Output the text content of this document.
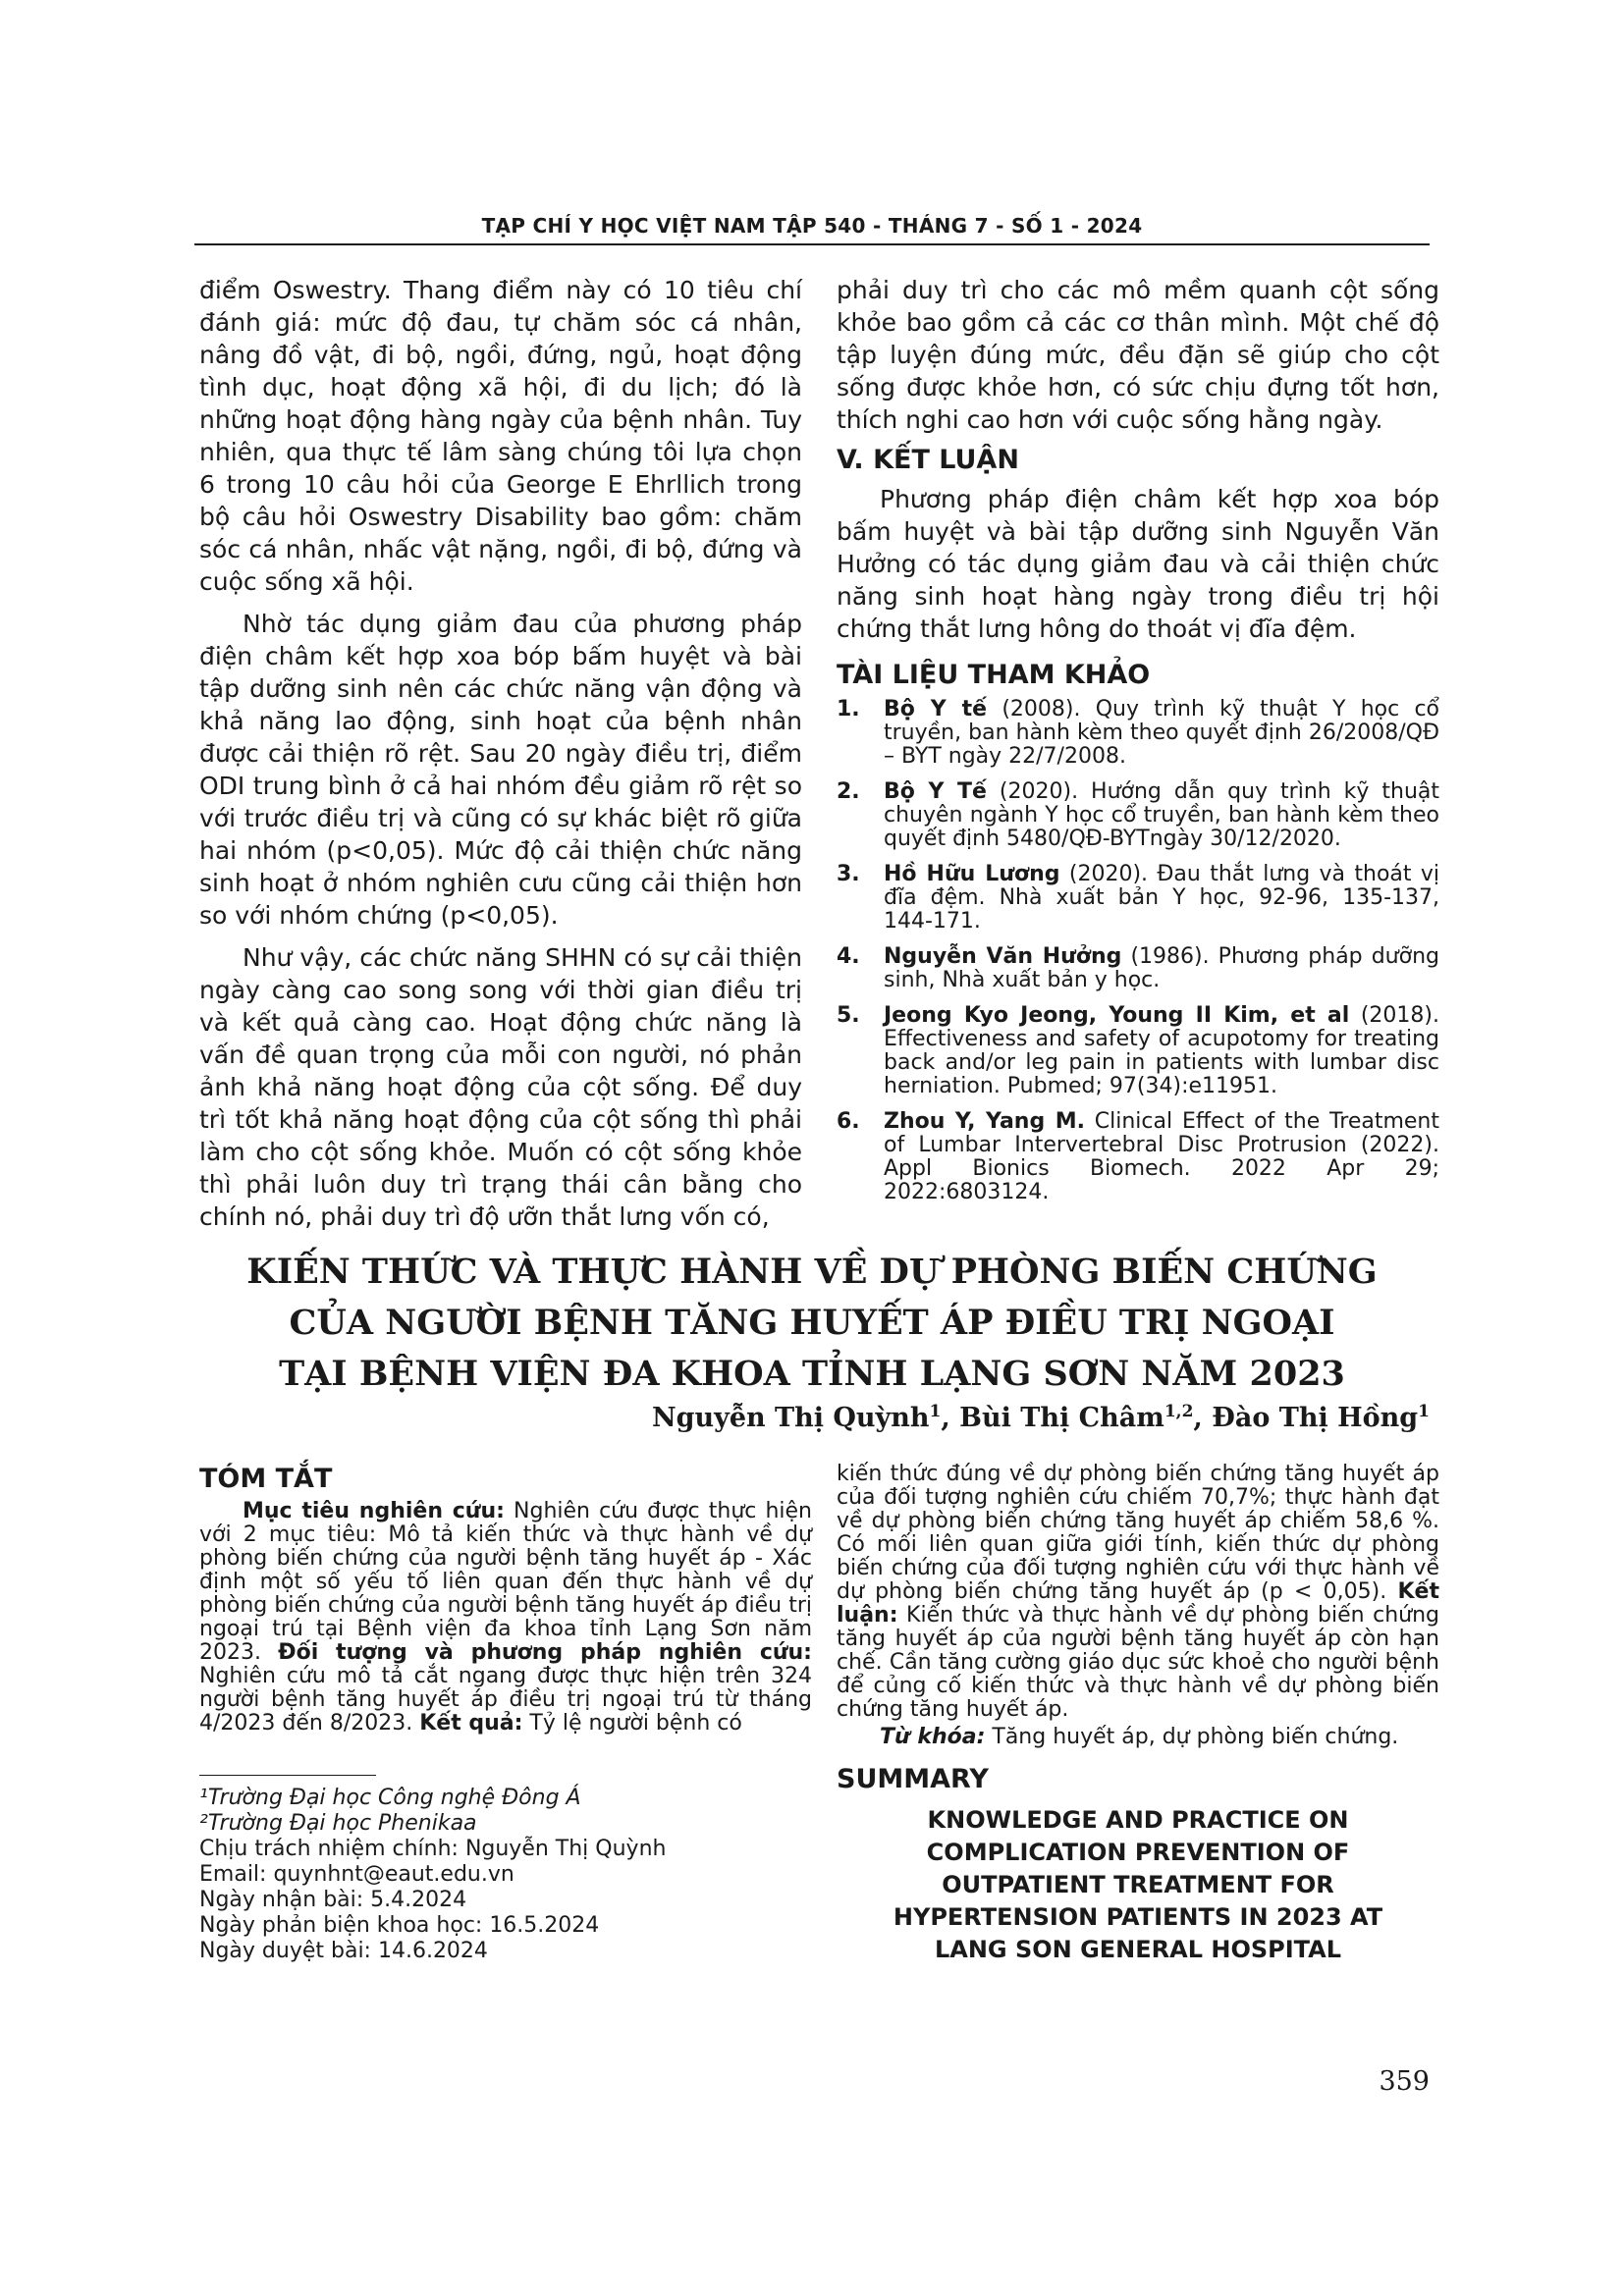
TẠP CHÍ Y HỌC VIỆT NAM TẬP 540 - THÁNG 7 - SỐ 1 - 2024

điểm Oswestry. Thang điểm này có 10 tiêu chí đánh giá: mức độ đau, tự chăm sóc cá nhân, nâng đồ vật, đi bộ, ngồi, đứng, ngủ, hoạt động tình dục, hoạt động xã hội, đi du lịch; đó là những hoạt động hàng ngày của bệnh nhân. Tuy nhiên, qua thực tế lâm sàng chúng tôi lựa chọn 6 trong 10 câu hỏi của George E Ehrllich trong bộ câu hỏi Oswestry Disability bao gồm: chăm sóc cá nhân, nhấc vật nặng, ngồi, đi bộ, đứng và cuộc sống xã hội.

Nhờ tác dụng giảm đau của phương pháp điện châm kết hợp xoa bóp bấm huyệt và bài tập dưỡng sinh nên các chức năng vận động và khả năng lao động, sinh hoạt của bệnh nhân được cải thiện rõ rệt. Sau 20 ngày điều trị, điểm ODI trung bình ở cả hai nhóm đều giảm rõ rệt so với trước điều trị và cũng có sự khác biệt rõ giữa hai nhóm (p<0,05). Mức độ cải thiện chức năng sinh hoạt ở nhóm nghiên cưu cũng cải thiện hơn so với nhóm chứng (p<0,05).

Như vậy, các chức năng SHHN có sự cải thiện ngày càng cao song song với thời gian điều trị và kết quả càng cao. Hoạt động chức năng là vấn đề quan trọng của mỗi con người, nó phản ảnh khả năng hoạt động của cột sống. Để duy trì tốt khả năng hoạt động của cột sống thì phải làm cho cột sống khỏe. Muốn có cột sống khỏe thì phải luôn duy trì trạng thái cân bằng cho chính nó, phải duy trì độ ưỡn thắt lưng vốn có,

phải duy trì cho các mô mềm quanh cột sống khỏe bao gồm cả các cơ thân mình. Một chế độ tập luyện đúng mức, đều đặn sẽ giúp cho cột sống được khỏe hơn, có sức chịu đựng tốt hơn, thích nghi cao hơn với cuộc sống hằng ngày.

V. KẾT LUẬN

Phương pháp điện châm kết hợp xoa bóp bấm huyệt và bài tập dưỡng sinh Nguyễn Văn Hưởng có tác dụng giảm đau và cải thiện chức năng sinh hoạt hàng ngày trong điều trị hội chứng thắt lưng hông do thoát vị đĩa đệm.

TÀI LIỆU THAM KHẢO
1.	Bộ Y tế (2008). Quy trình kỹ thuật Y học cổ truyền, ban hành kèm theo quyết định 26/2008/QĐ – BYT ngày 22/7/2008.
2.	Bộ Y Tế (2020). Hướng dẫn quy trình kỹ thuật chuyên ngành Y học cổ truyền, ban hành kèm theo quyết định 5480/QĐ-BYTngày 30/12/2020.
3.	Hồ Hữu Lương (2020). Đau thắt lưng và thoát vị đĩa đệm. Nhà xuất bản Y học, 92-96, 135-137, 144-171.
4.	Nguyễn Văn Hưởng (1986). Phương pháp dưỡng sinh, Nhà xuất bản y học.
5.	Jeong Kyo Jeong, Young II Kim, et al (2018). Effectiveness and safety of acupotomy for treating back and/or leg pain in patients with lumbar disc herniation. Pubmed; 97(34):e11951.
6.	Zhou Y, Yang M. Clinical Effect of the Treatment of Lumbar Intervertebral Disc Protrusion (2022). Appl Bionics Biomech. 2022 Apr 29; 2022:6803124.
KIẾN THỨC VÀ THỰC HÀNH VỀ DỰ PHÒNG BIẾN CHỨNG
CỦA NGƯỜI BỆNH TĂNG HUYẾT ÁP ĐIỀU TRỊ NGOẠI
TẠI BỆNH VIỆN ĐA KHOA TỈNH LẠNG SƠN NĂM 2023
Nguyễn Thị Quỳnh$^1$, Bùi Thị Châm$^{1,2}$, Đào Thị Hồng$^1$
TÓM TẮT

Mục tiêu nghiên cứu: Nghiên cứu được thực hiện với 2 mục tiêu: Mô tả kiến thức và thực hành về dự phòng biến chứng của người bệnh tăng huyết áp - Xác định một số yếu tố liên quan đến thực hành về dự phòng biến chứng của người bệnh tăng huyết áp điều trị ngoại trú tại Bệnh viện đa khoa tỉnh Lạng Sơn năm 2023. Đối tượng và phương pháp nghiên cứu: Nghiên cứu mô tả cắt ngang được thực hiện trên 324 người bệnh tăng huyết áp điều trị ngoại trú từ tháng 4/2023 đến 8/2023. Kết quả: Tỷ lệ người bệnh có

¹Trường Đại học Công nghệ Đông Á
²Trường Đại học Phenikaa
Chịu trách nhiệm chính: Nguyễn Thị Quỳnh
Email: quynhnt@eaut.edu.vn
Ngày nhận bài: 5.4.2024
Ngày phản biện khoa học: 16.5.2024
Ngày duyệt bài: 14.6.2024

kiến thức đúng về dự phòng biến chứng tăng huyết áp của đối tượng nghiên cứu chiếm 70,7%; thực hành đạt về dự phòng biến chứng tăng huyết áp chiếm 58,6 %. Có mối liên quan giữa giới tính, kiến thức dự phòng biến chứng của đối tượng nghiên cứu với thực hành về dự phòng biến chứng tăng huyết áp (p < 0,05). Kết luận: Kiến thức và thực hành về dự phòng biến chứng tăng huyết áp của người bệnh tăng huyết áp còn hạn chế. Cần tăng cường giáo dục sức khoẻ cho người bệnh để củng cố kiến thức và thực hành về dự phòng biến chứng tăng huyết áp.

Từ khóa: Tăng huyết áp, dự phòng biến chứng.

SUMMARY
KNOWLEDGE AND PRACTICE ON
COMPLICATION PREVENTION OF
OUTPATIENT TREATMENT FOR
HYPERTENSION PATIENTS IN 2023 AT
LANG SON GENERAL HOSPITAL
359
